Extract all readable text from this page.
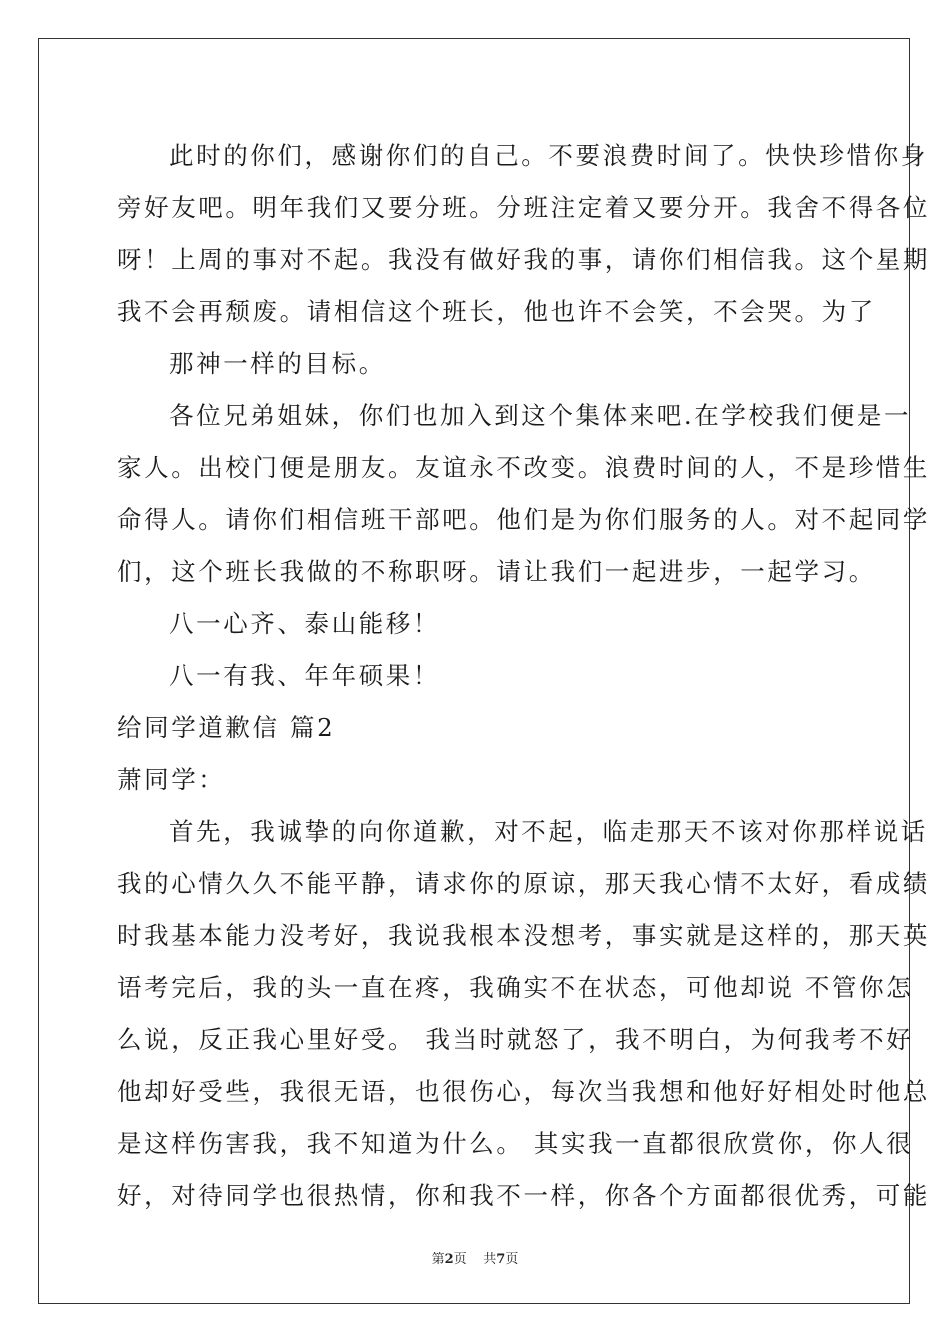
此时的你们，感谢你们的自己。不要浪费时间了。快快珍惜你身
旁好友吧。明年我们又要分班。分班注定着又要分开。我舍不得各位
呀！上周的事对不起。我没有做好我的事，请你们相信我。这个星期
我不会再颓废。请相信这个班长，他也许不会笑，不会哭。为了
那神一样的目标。
各位兄弟姐妹，你们也加入到这个集体来吧.在学校我们便是一
家人。出校门便是朋友。友谊永不改变。浪费时间的人，不是珍惜生
命得人。请你们相信班干部吧。他们是为你们服务的人。对不起同学
们，这个班长我做的不称职呀。请让我们一起进步，一起学习。
八一心齐、泰山能移！
八一有我、年年硕果！
给同学道歉信 篇2
萧同学：
首先，我诚挚的向你道歉，对不起，临走那天不该对你那样说话
我的心情久久不能平静，请求你的原谅，那天我心情不太好，看成绩
时我基本能力没考好，我说我根本没想考，事实就是这样的，那天英
语考完后，我的头一直在疼，我确实不在状态，可他却说 不管你怎
么说，反正我心里好受。 我当时就怒了，我不明白，为何我考不好
他却好受些，我很无语，也很伤心，每次当我想和他好好相处时他总
是这样伤害我，我不知道为什么。 其实我一直都很欣赏你，你人很
好，对待同学也很热情，你和我不一样，你各个方面都很优秀，可能
第2页 共7页
